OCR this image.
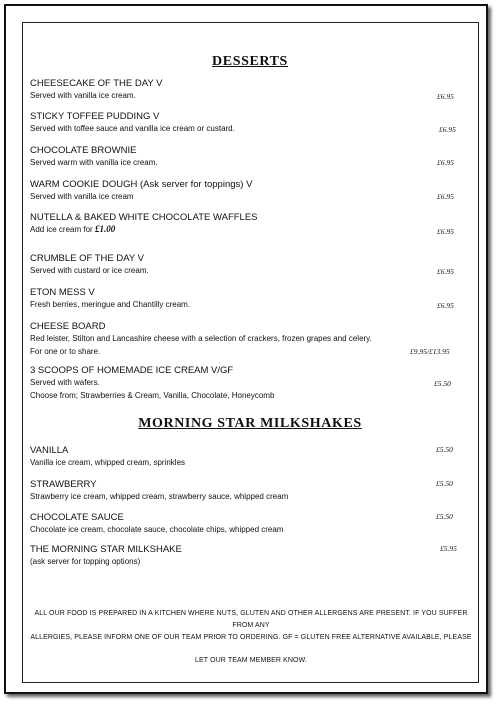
DESSERTS
CHEESECAKE OF THE DAY V
Served with vanilla ice cream.	£6.95
STICKY TOFFEE PUDDING V
Served with toffee sauce and vanilla ice cream or custard.	£6.95
CHOCOLATE BROWNIE
Served warm with vanilla ice cream.	£6.95
WARM COOKIE DOUGH (Ask server for toppings) V
Served with vanilla ice cream	£6.95
NUTELLA & BAKED WHITE CHOCOLATE WAFFLES
Add ice cream for £1.00	£6.95
CRUMBLE OF THE DAY V
Served with custard or ice cream.	£6.95
ETON MESS V
Fresh berries, meringue and Chantilly cream.	£6.95
CHEESE BOARD
Red leister, Stilton and Lancashire cheese with a selection of crackers, frozen grapes and celery.
For one or to share.	£9.95/£13.95
3 SCOOPS OF HOMEMADE ICE CREAM V/GF
Served with wafers.
Choose from; Strawberries & Cream, Vanilla, Chocolate, Honeycomb
£5.50
MORNING STAR MILKSHAKES
VANILLA
Vanilla ice cream, whipped cream, sprinkles
£5.50
STRAWBERRY
Strawberry ice cream, whipped cream, strawberry sauce, whipped cream
£5.50
CHOCOLATE SAUCE
Chocolate ice cream, chocolate sauce, chocolate chips, whipped cream
£5.50
THE MORNING STAR MILKSHAKE
(ask server for topping options)
£5.95
ALL OUR FOOD IS PREPARED IN A KITCHEN WHERE NUTS, GLUTEN AND OTHER ALLERGENS ARE PRESENT. IF YOU SUFFER FROM ANY
ALLERGIES, PLEASE INFORM ONE OF OUR TEAM PRIOR TO ORDERING. GF = GLUTEN FREE ALTERNATIVE AVAILABLE, PLEASE
LET OUR TEAM MEMBER KNOW.
